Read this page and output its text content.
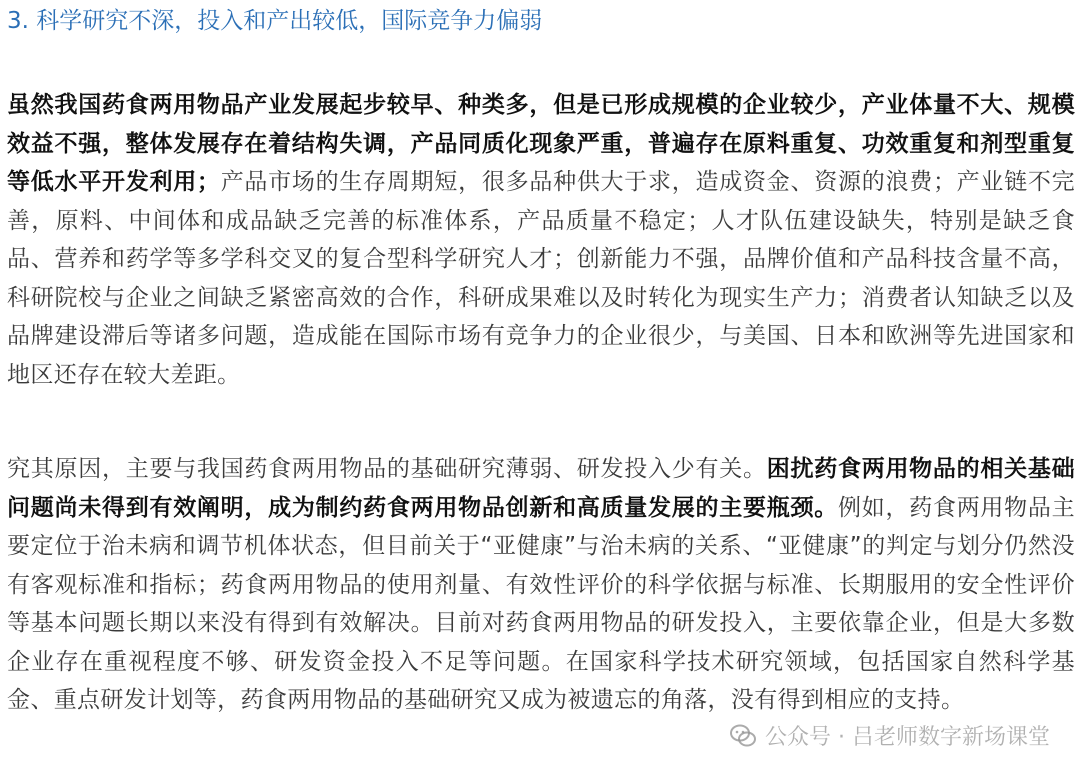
3. 科学研究不深，投入和产出较低，国际竞争力偏弱
虽然我国药食两用物品产业发展起步较早、种类多，但是已形成规模的企业较少，产业体量不大、规模效益不强，整体发展存在着结构失调，产品同质化现象严重，普遍存在原料重复、功效重复和剂型重复等低水平开发利用；产品市场的生存周期短，很多品种供大于求，造成资金、资源的浪费；产业链不完善，原料、中间体和成品缺乏完善的标准体系，产品质量不稳定；人才队伍建设缺失，特别是缺乏食品、营养和药学等多学科交叉的复合型科学研究人才；创新能力不强，品牌价值和产品科技含量不高，科研院校与企业之间缺乏紧密高效的合作，科研成果难以及时转化为现实生产力；消费者认知缺乏以及品牌建设滞后等诸多问题，造成能在国际市场有竞争力的企业很少，与美国、日本和欧洲等先进国家和地区还存在较大差距。
究其原因，主要与我国药食两用物品的基础研究薄弱、研发投入少有关。困扰药食两用物品的相关基础问题尚未得到有效阐明，成为制约药食两用物品创新和高质量发展的主要瓶颈。例如，药食两用物品主要定位于治未病和调节机体状态，但目前关于“亚健康”与治未病的关系、“亚健康”的判定与划分仍然没有客观标准和指标；药食两用物品的使用剂量、有效性评价的科学依据与标准、长期服用的安全性评价等基本问题长期以来没有得到有效解决。目前对药食两用物品的研发投入，主要依靠企业，但是大多数企业存在重视程度不够、研发资金投入不足等问题。在国家科学技术研究领域，包括国家自然科学基金、重点研发计划等，药食两用物品的基础研究又成为被遗忘的角落，没有得到相应的支持。
公众号 · 吕老师数字新场课堂
